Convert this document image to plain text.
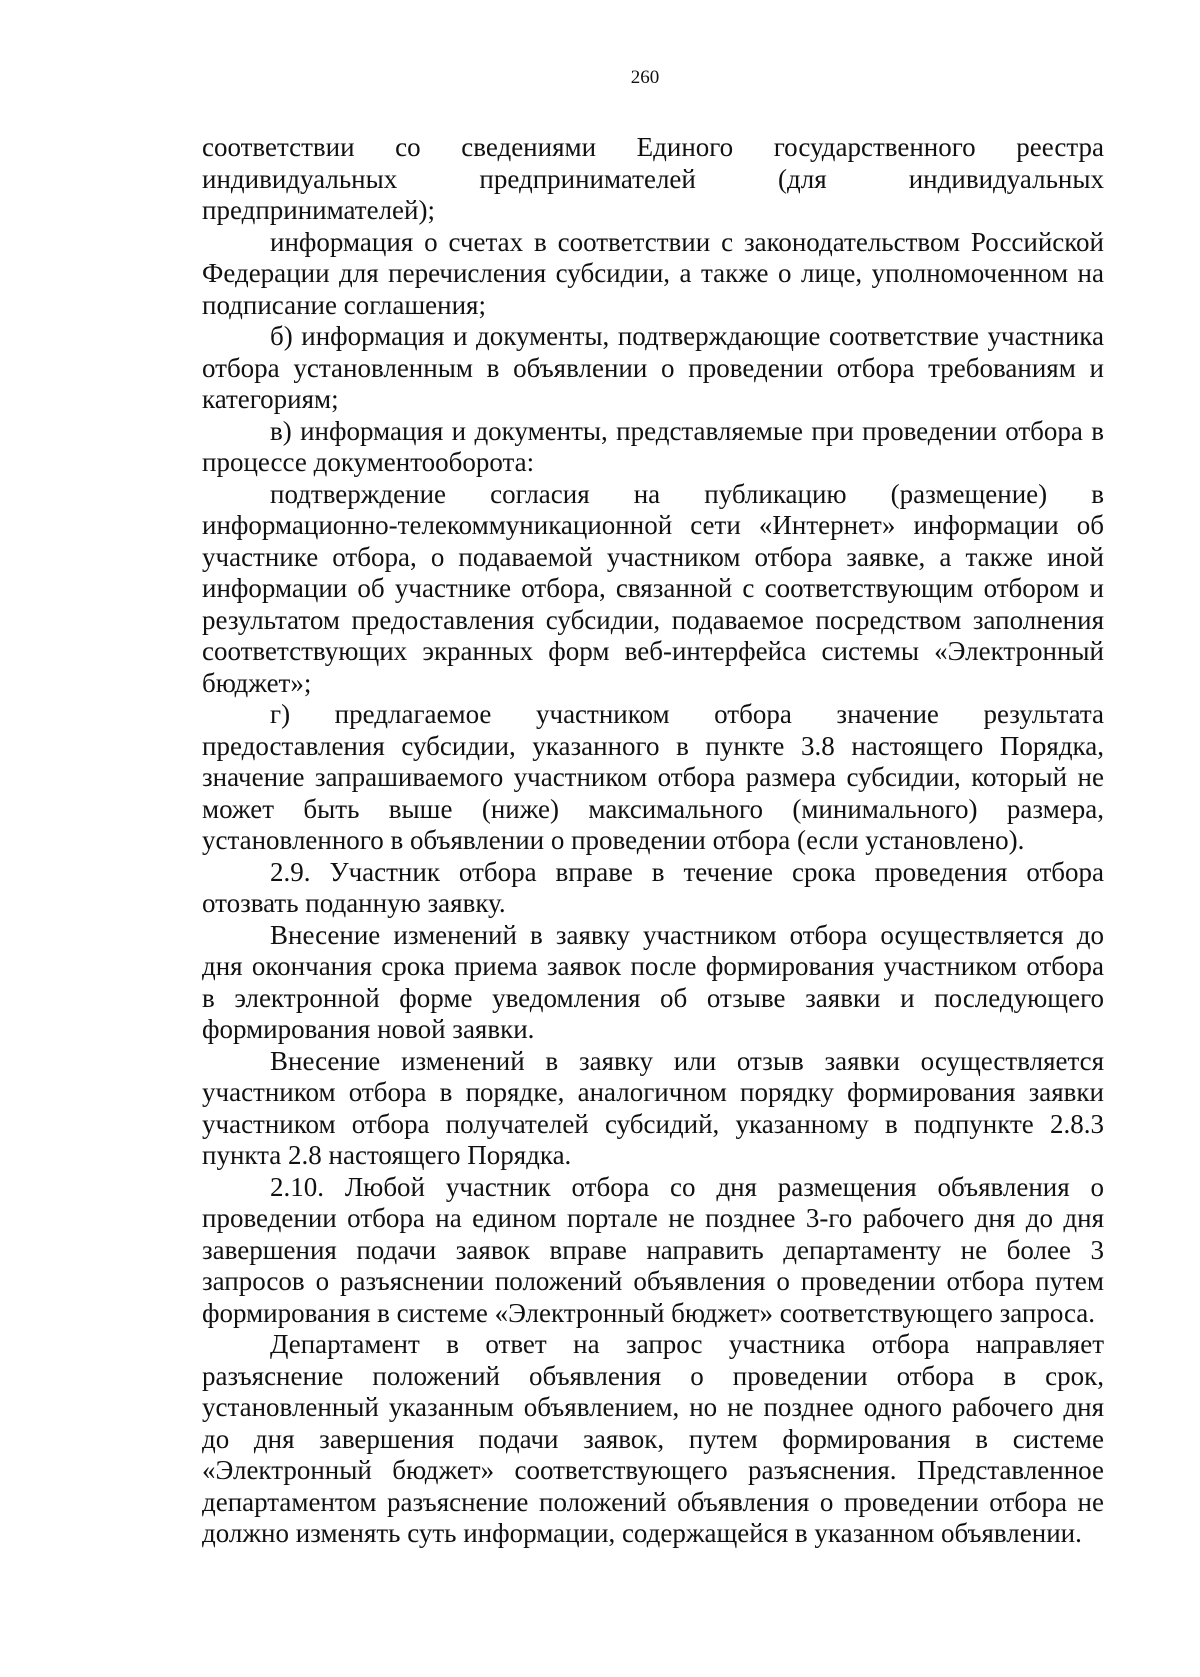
260
соответствии со сведениями Единого государственного реестра
индивидуальных предпринимателей (для индивидуальных
предпринимателей);
информация о счетах в соответствии с законодательством Российской
Федерации для перечисления субсидии, а также о лице, уполномоченном на
подписание соглашения;
б) информация и документы, подтверждающие соответствие участника
отбора установленным в объявлении о проведении отбора требованиям и
категориям;
в) информация и документы, представляемые при проведении отбора в
процессе документооборота:
подтверждение согласия на публикацию (размещение) в
информационно-телекоммуникационной сети «Интернет» информации об
участнике отбора, о подаваемой участником отбора заявке, а также иной
информации об участнике отбора, связанной с соответствующим отбором и
результатом предоставления субсидии, подаваемое посредством заполнения
соответствующих экранных форм веб-интерфейса системы «Электронный
бюджет»;
г) предлагаемое участником отбора значение результата
предоставления субсидии, указанного в пункте 3.8 настоящего Порядка,
значение запрашиваемого участником отбора размера субсидии, который не
может быть выше (ниже) максимального (минимального) размера,
установленного в объявлении о проведении отбора (если установлено).
2.9. Участник отбора вправе в течение срока проведения отбора
отозвать поданную заявку.
Внесение изменений в заявку участником отбора осуществляется до
дня окончания срока приема заявок после формирования участником отбора
в электронной форме уведомления об отзыве заявки и последующего
формирования новой заявки.
Внесение изменений в заявку или отзыв заявки осуществляется
участником отбора в порядке, аналогичном порядку формирования заявки
участником отбора получателей субсидий, указанному в подпункте 2.8.3
пункта 2.8 настоящего Порядка.
2.10. Любой участник отбора со дня размещения объявления о
проведении отбора на едином портале не позднее 3-го рабочего дня до дня
завершения подачи заявок вправе направить департаменту не более 3
запросов о разъяснении положений объявления о проведении отбора путем
формирования в системе «Электронный бюджет» соответствующего запроса.
Департамент в ответ на запрос участника отбора направляет
разъяснение положений объявления о проведении отбора в срок,
установленный указанным объявлением, но не позднее одного рабочего дня
до дня завершения подачи заявок, путем формирования в системе
«Электронный бюджет» соответствующего разъяснения. Представленное
департаментом разъяснение положений объявления о проведении отбора не
должно изменять суть информации, содержащейся в указанном объявлении.
